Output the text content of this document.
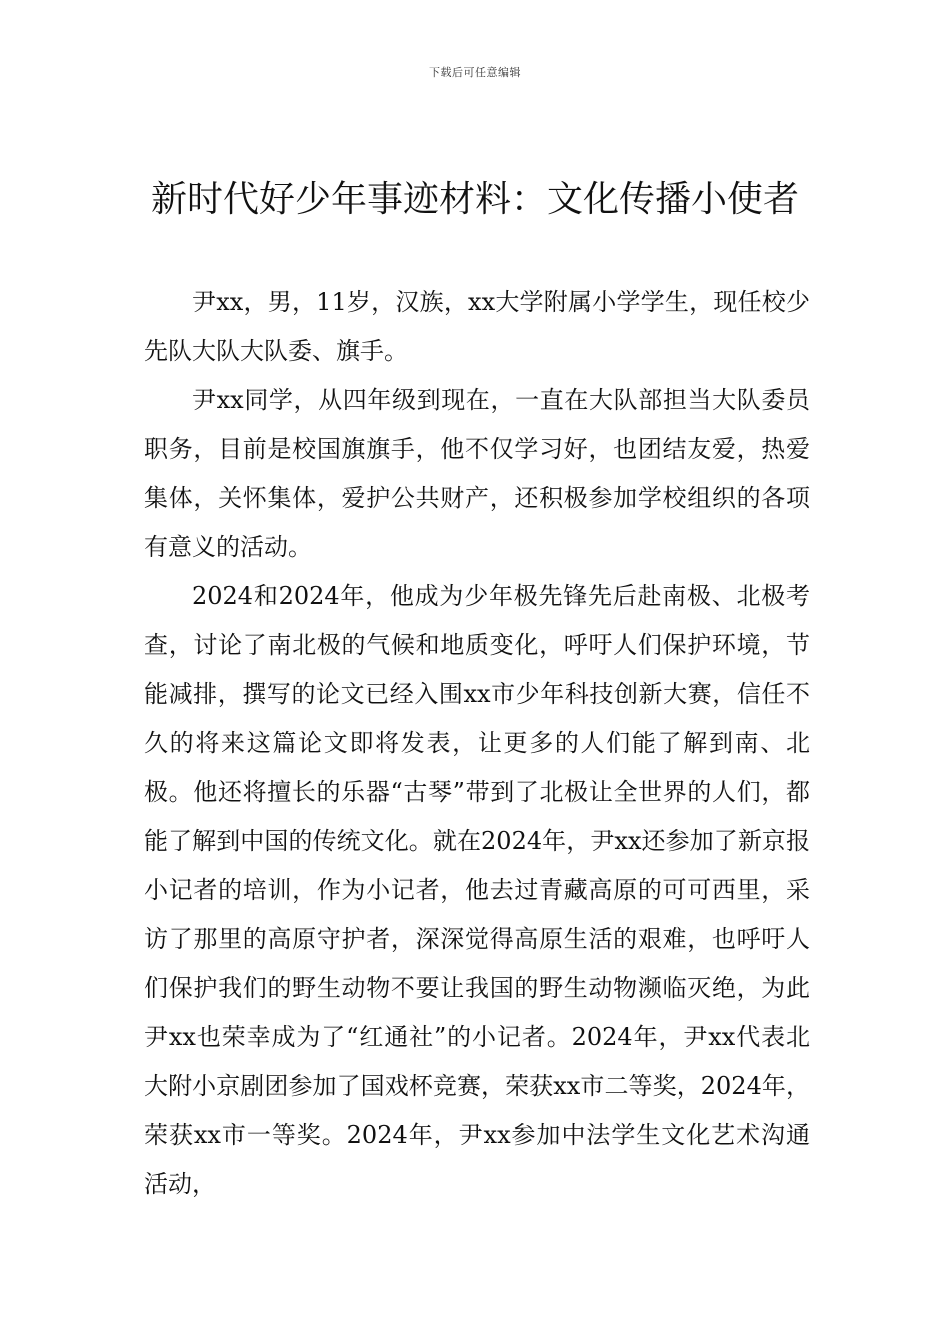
下载后可任意编辑
新时代好少年事迹材料：文化传播小使者

尹xx，男，11岁，汉族，xx大学附属小学学生，现任校少先队大队大队委、旗手。

尹xx同学，从四年级到现在，一直在大队部担当大队委员职务，目前是校国旗旗手，他不仅学习好，也团结友爱，热爱集体，关怀集体，爱护公共财产，还积极参加学校组织的各项有意义的活动。

2024和2024年，他成为少年极先锋先后赴南极、北极考查，讨论了南北极的气候和地质变化，呼吁人们保护环境，节能减排，撰写的论文已经入围xx市少年科技创新大赛，信任不久的将来这篇论文即将发表，让更多的人们能了解到南、北极。他还将擅长的乐器“古琴”带到了北极让全世界的人们，都能了解到中国的传统文化。就在2024年，尹xx还参加了新京报小记者的培训，作为小记者，他去过青藏高原的可可西里，采访了那里的高原守护者，深深觉得高原生活的艰难，也呼吁人们保护我们的野生动物不要让我国的野生动物濒临灭绝，为此尹xx也荣幸成为了“红通社”的小记者。2024年，尹xx代表北大附小京剧团参加了国戏杯竞赛，荣获xx市二等奖，2024年，荣获xx市一等奖。2024年，尹xx参加中法学生文化艺术沟通活动，
